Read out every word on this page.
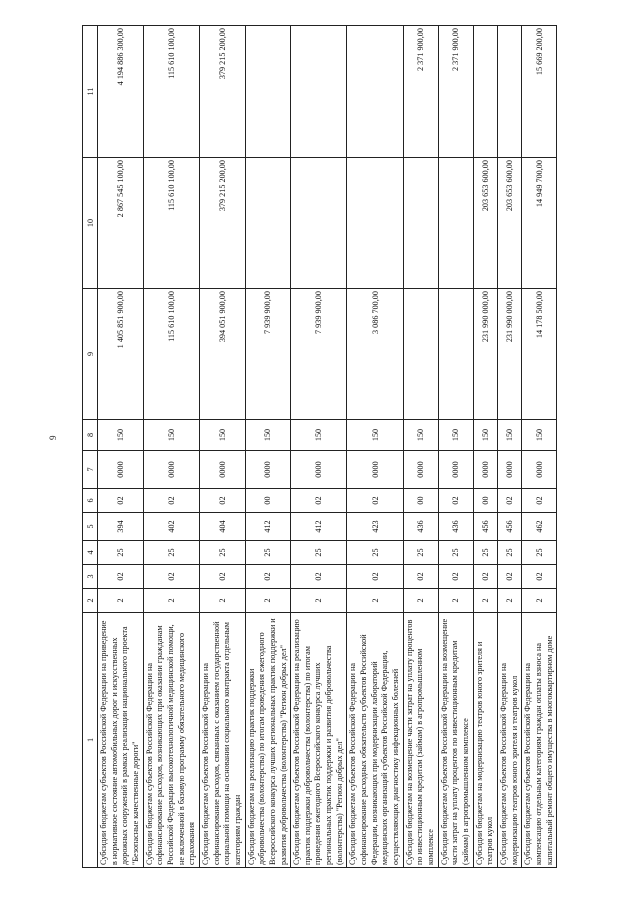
9
1	2	3	4	5	6	7	8	9	10	11
Субсидии бюджетам субъектов Российской Федерации на приведение в нормативное состояние автомобильных дорог и искусственных дорожных сооружений в рамках реализации национального проекта "Безопасные качественные дороги"	2	02	25	394	02	0000	150	1 405 851 900,00	2 867 545 100,00	4 194 886 300,00
Субсидии бюджетам субъектов Российской Федерации на софинансирование расходов, возникающих при оказании гражданам Российской Федерации высокотехнологичной медицинской помощи, не включенной в базовую программу обязательного медицинского страхования	2	02	25	402	02	0000	150	115 610 100,00	115 610 100,00	115 610 100,00
Субсидии бюджетам субъектов Российской Федерации на софинансирование расходов, связанных с оказанием государственной социальной помощи на основании социального контракта отдельным категориям граждан	2	02	25	404	02	0000	150	394 051 900,00	379 215 200,00	379 215 200,00
Субсидии бюджетам на реализацию практик поддержки добровольчества (волонтерства) по итогам проведения ежегодного Всероссийского конкурса лучших региональных практик поддержки и развития добровольчества (волонтерства) "Регион добрых дел"	2	02	25	412	00	0000	150	7 939 900,00		
Субсидии бюджетам субъектов Российской Федерации на реализацию практик поддержки добровольчества (волонтерства) по итогам проведения ежегодного Всероссийского конкурса лучших региональных практик поддержки и развития добровольчества (волонтерства) "Регион добрых дел"	2	02	25	412	02	0000	150	7 939 900,00		
Субсидии бюджетам субъектов Российской Федерации на софинансирование расходных обязательств субъектов Российской Федерации, возникающих при модернизации лабораторий медицинских организаций субъектов Российской Федерации, осуществляющих диагностику инфекционных болезней	2	02	25	423	02	0000	150	3 086 700,00		
Субсидии бюджетам на возмещение части затрат на уплату процентов по инвестиционным кредитам (займам) в агропромышленном комплексе	2	02	25	436	00	0000	150			2 371 900,00
Субсидии бюджетам субъектов Российской Федерации на возмещение части затрат на уплату процентов по инвестиционным кредитам (займам) в агропромышленном комплексе	2	02	25	436	02	0000	150			2 371 900,00
Субсидии бюджетам на модернизацию театров юного зрителя и театров кукол	2	02	25	456	00	0000	150	231 990 000,00	203 653 600,00	
Субсидии бюджетам субъектов Российской Федерации на модернизацию театров юного зрителя и театров кукол	2	02	25	456	02	0000	150	231 990 000,00	203 653 600,00	
Субсидии бюджетам субъектов Российской Федерации на компенсацию отдельным категориям граждан оплаты взноса на капитальный ремонт общего имущества в многоквартирном доме	2	02	25	462	02	0000	150	14 178 500,00	14 949 700,00	15 669 200,00
